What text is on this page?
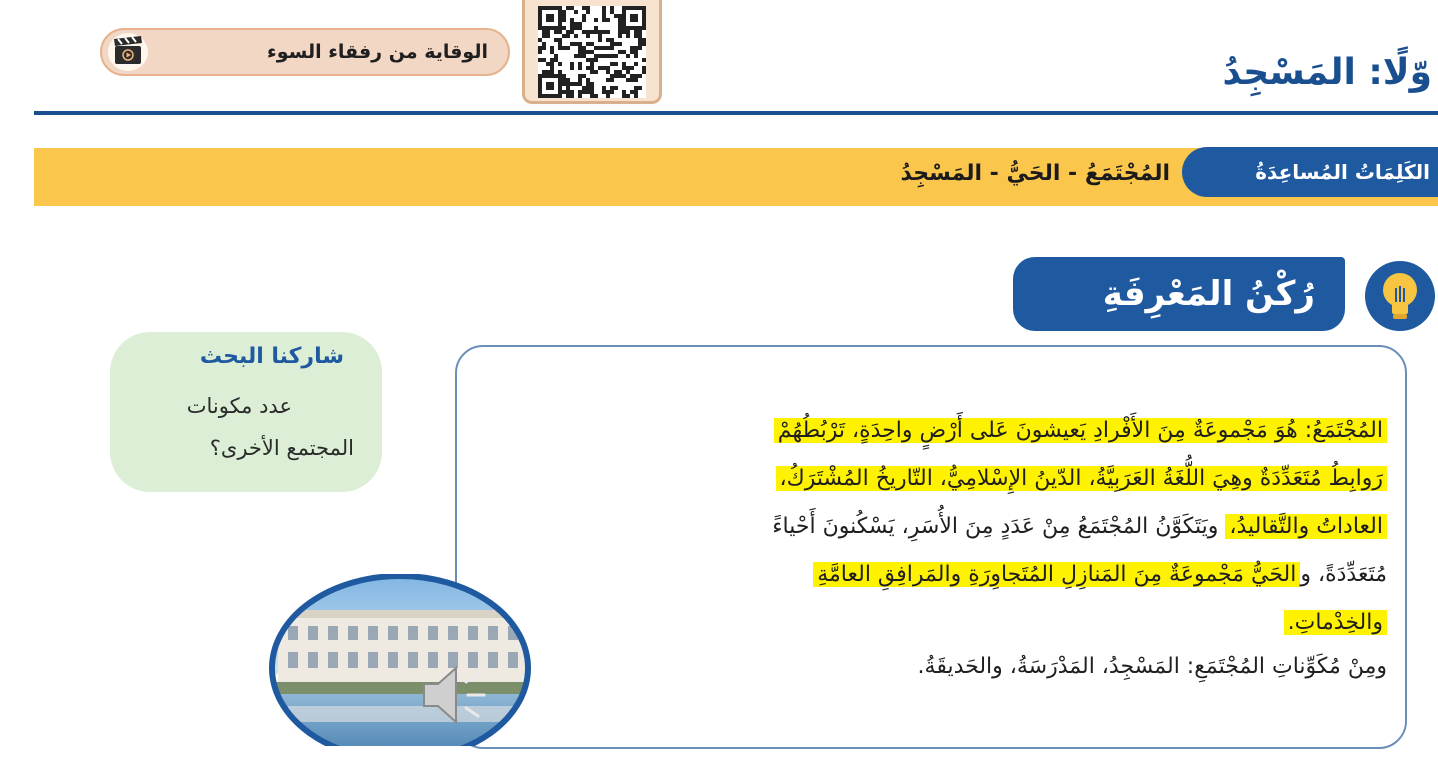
الوقاية من رفقاء السوء	وّلًا: المَسْجِدُ
الكَلِمَاتُ المُساعِدَةُ
المُجْتَمَعُ - الحَيُّ - المَسْجِدُ
رُكْنُ المَعْرِفَةِ
شاركنا البحث
عدد مكونات
المجتمع الأخرى؟
المُجْتَمَعُ: هُوَ مَجْموعَةٌ مِنَ الأَفْرادِ يَعيشونَ عَلى أَرْضٍ واحِدَةٍ، تَرْبُطُهُمْ
رَوابِطُ مُتَعَدِّدَةٌ وهِيَ اللُّغَةُ العَرَبِيَّةُ، الدّينُ الإِسْلامِيُّ، التّاريخُ المُشْتَرَكُ،
العاداتُ والتَّقاليدُ، ويَتَكَوَّنُ المُجْتَمَعُ مِنْ عَدَدٍ مِنَ الأُسَرِ، يَسْكُنونَ أَحْياءً
مُتَعَدِّدَةً، والحَيُّ مَجْموعَةٌ مِنَ المَنازِلِ المُتَجاوِرَةِ والمَرافِقِ العامَّةِ
والخِدْماتِ.
ومِنْ مُكَوِّناتِ المُجْتَمَعِ: المَسْجِدُ، المَدْرَسَةُ، والحَديقَةُ.
